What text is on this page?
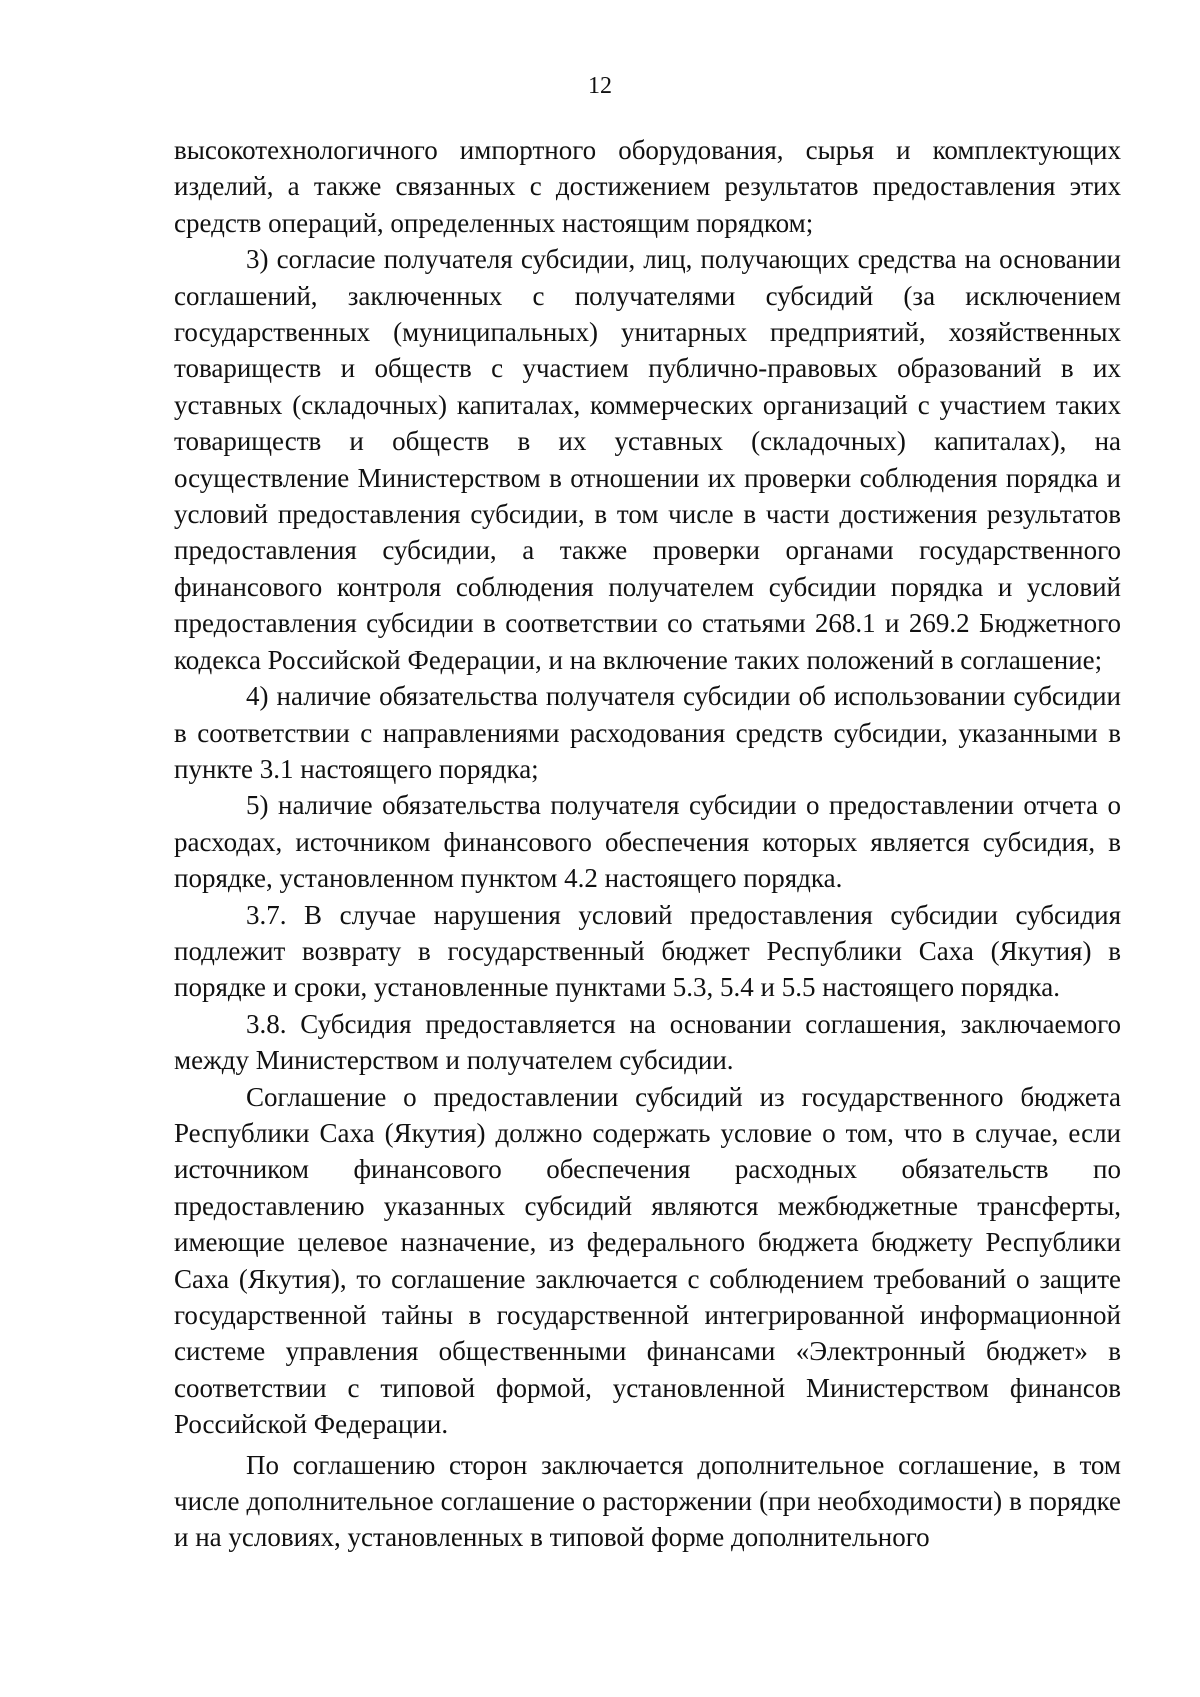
12

высокотехнологичного импортного оборудования, сырья и комплектующих изделий, а также связанных с достижением результатов предоставления этих средств операций, определенных настоящим порядком;

3) согласие получателя субсидии, лиц, получающих средства на основании соглашений, заключенных с получателями субсидий (за исключением государственных (муниципальных) унитарных предприятий, хозяйственных товариществ и обществ с участием публично-правовых образований в их уставных (складочных) капиталах, коммерческих организаций с участием таких товариществ и обществ в их уставных (складочных) капиталах), на осуществление Министерством в отношении их проверки соблюдения порядка и условий предоставления субсидии, в том числе в части достижения результатов предоставления субсидии, а также проверки органами государственного финансового контроля соблюдения получателем субсидии порядка и условий предоставления субсидии в соответствии со статьями 268.1 и 269.2 Бюджетного кодекса Российской Федерации, и на включение таких положений в соглашение;

4) наличие обязательства получателя субсидии об использовании субсидии в соответствии с направлениями расходования средств субсидии, указанными в пункте 3.1 настоящего порядка;

5) наличие обязательства получателя субсидии о предоставлении отчета о расходах, источником финансового обеспечения которых является субсидия, в порядке, установленном пунктом 4.2 настоящего порядка.

3.7. В случае нарушения условий предоставления субсидии субсидия подлежит возврату в государственный бюджет Республики Саха (Якутия) в порядке и сроки, установленные пунктами 5.3, 5.4 и 5.5 настоящего порядка.

3.8. Субсидия предоставляется на основании соглашения, заключаемого между Министерством и получателем субсидии.

Соглашение о предоставлении субсидий из государственного бюджета Республики Саха (Якутия) должно содержать условие о том, что в случае, если источником финансового обеспечения расходных обязательств по предоставлению указанных субсидий являются межбюджетные трансферты, имеющие целевое назначение, из федерального бюджета бюджету Республики Саха (Якутия), то соглашение заключается с соблюдением требований о защите государственной тайны в государственной интегрированной информационной системе управления общественными финансами «Электронный бюджет» в соответствии с типовой формой, установленной Министерством финансов Российской Федерации.

По соглашению сторон заключается дополнительное соглашение, в том числе дополнительное соглашение о расторжении (при необходимости) в порядке и на условиях, установленных в типовой форме дополнительного
